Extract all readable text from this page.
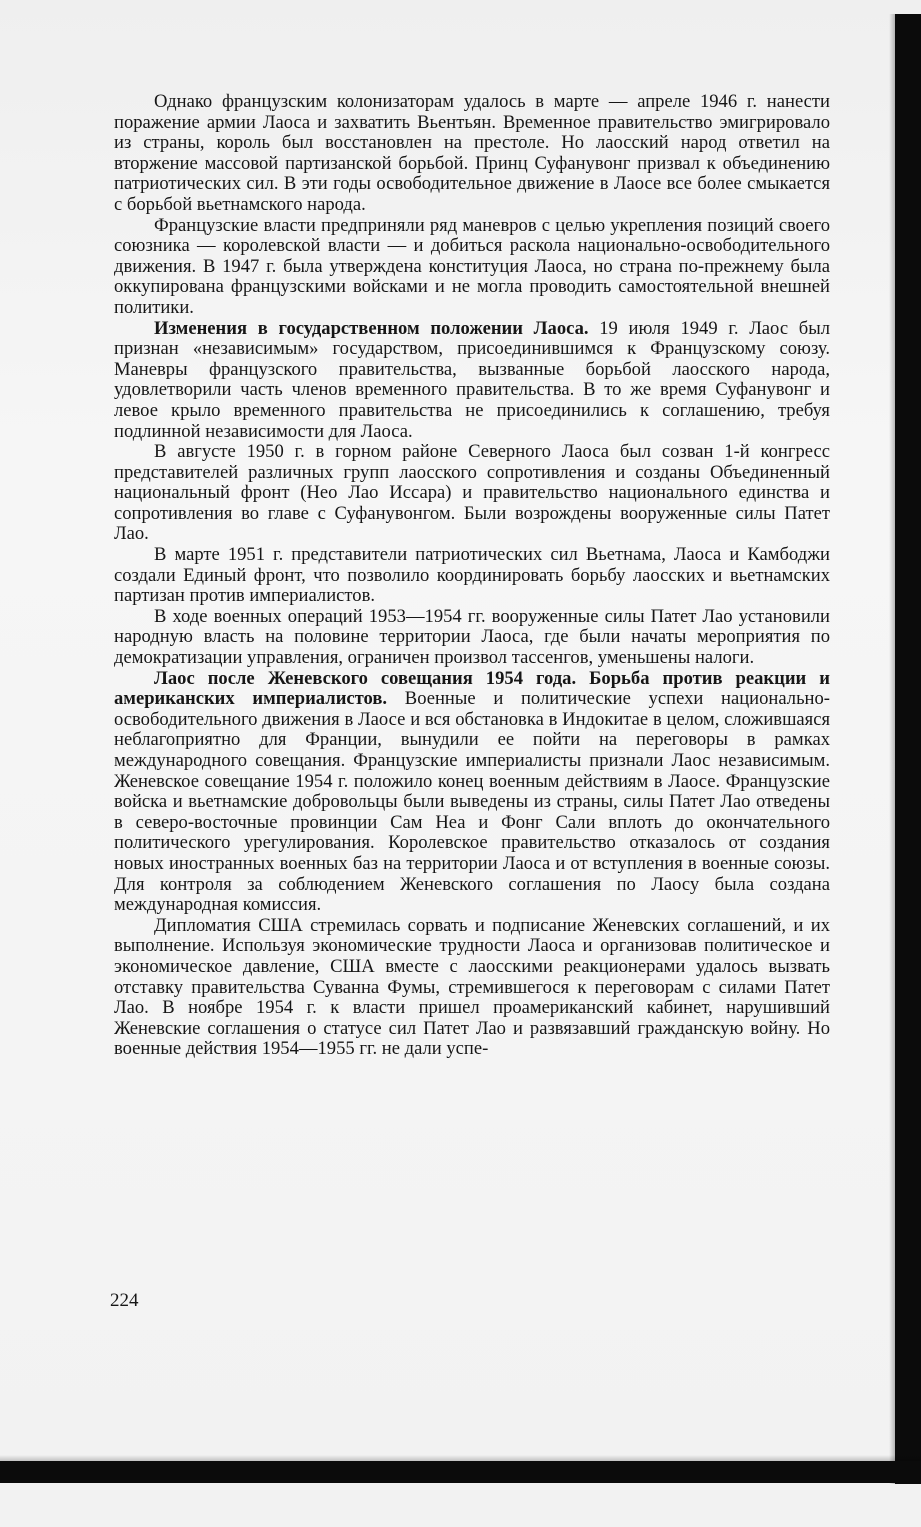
Однако французским колонизаторам удалось в марте — апреле 1946 г. нанести поражение армии Лаоса и захватить Вьентьян. Временное правительство эмигрировало из страны, король был восстановлен на престоле. Но лаосский народ ответил на вторжение массовой партизанской борьбой. Принц Суфанувонг призвал к объединению патриотических сил. В эти годы освободительное движение в Лаосе все более смыкается с борьбой вьетнамского народа.

Французские власти предприняли ряд маневров с целью укрепления позиций своего союзника — королевской власти — и добиться раскола национально-освободительного движения. В 1947 г. была утверждена конституция Лаоса, но страна по-прежнему была оккупирована французскими войсками и не могла проводить самостоятельной внешней политики.

Изменения в государственном положении Лаоса. 19 июля 1949 г. Лаос был признан «независимым» государством, присоединившимся к Французскому союзу. Маневры французского правительства, вызванные борьбой лаосского народа, удовлетворили часть членов временного правительства. В то же время Суфанувонг и левое крыло временного правительства не присоединились к соглашению, требуя подлинной независимости для Лаоса.

В августе 1950 г. в горном районе Северного Лаоса был созван 1-й конгресс представителей различных групп лаосского сопротивления и созданы Объединенный национальный фронт (Нео Лао Иссара) и правительство национального единства и сопротивления во главе с Суфанувонгом. Были возрождены вооруженные силы Патет Лао.

В марте 1951 г. представители патриотических сил Вьетнама, Лаоса и Камбоджи создали Единый фронт, что позволило координировать борьбу лаосских и вьетнамских партизан против империалистов.

В ходе военных операций 1953—1954 гг. вооруженные силы Патет Лао установили народную власть на половине территории Лаоса, где были начаты мероприятия по демократизации управления, ограничен произвол тассенгов, уменьшены налоги.

Лаос после Женевского совещания 1954 года. Борьба против реакции и американских империалистов. Военные и политические успехи национально-освободительного движения в Лаосе и вся обстановка в Индокитае в целом, сложившаяся неблагоприятно для Франции, вынудили ее пойти на переговоры в рамках международного совещания. Французские империалисты признали Лаос независимым. Женевское совещание 1954 г. положило конец военным действиям в Лаосе. Французские войска и вьетнамские добровольцы были выведены из страны, силы Патет Лао отведены в северо-восточные провинции Сам Неа и Фонг Сали вплоть до окончательного политического урегулирования. Королевское правительство отказалось от создания новых иностранных военных баз на территории Лаоса и от вступления в военные союзы. Для контроля за соблюдением Женевского соглашения по Лаосу была создана международная комиссия.

Дипломатия США стремилась сорвать и подписание Женевских соглашений, и их выполнение. Используя экономические трудности Лаоса и организовав политическое и экономическое давление, США вместе с лаосскими реакционерами удалось вызвать отставку правительства Суванна Фумы, стремившегося к переговорам с силами Патет Лао. В ноябре 1954 г. к власти пришел проамериканский кабинет, нарушивший Женевские соглашения о статусе сил Патет Лао и развязавший гражданскую войну. Но военные действия 1954—1955 гг. не дали успе-

224
